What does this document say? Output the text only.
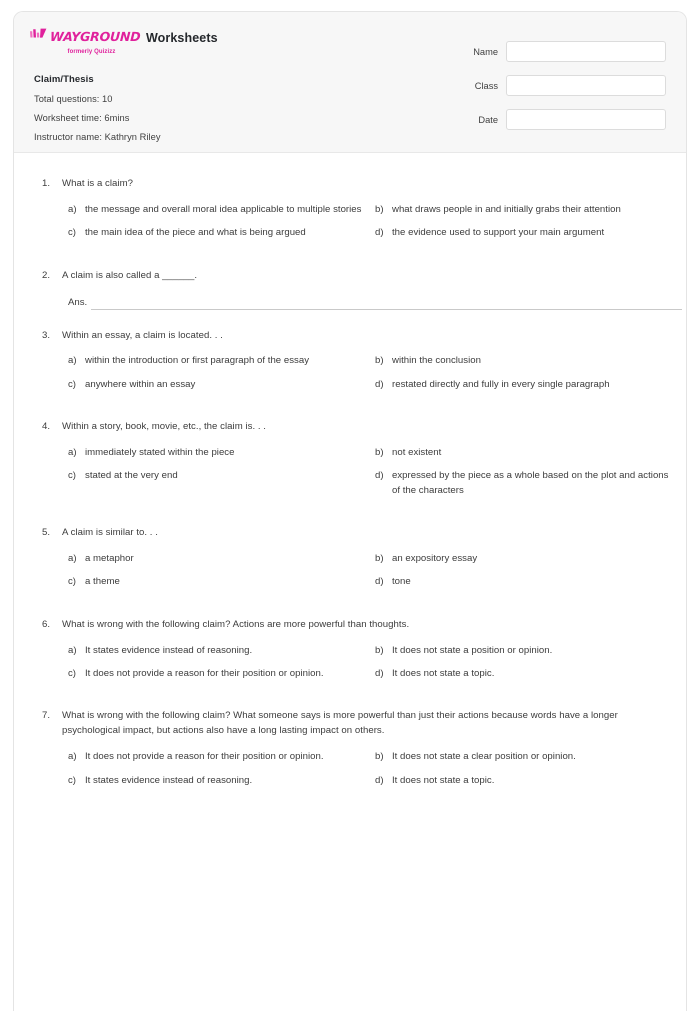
WAYGROUND
formerly Quizizz
Worksheets
Claim/Thesis
Total questions: 10
Worksheet time: 6mins
Instructor name: Kathryn Riley
Name
Class
Date
1.	What is a claim?
a) the message and overall moral idea applicable to multiple stories b) what draws people in and initially grabs their attention
c) the main idea of the piece and what is being argued	d) the evidence used to support your main argument
2.	A claim is also called a ______.
Ans.
3.	Within an essay, a claim is located. . .
a) within the introduction or first paragraph of the essay	b) within the conclusion
c) anywhere within an essay	d) restated directly and fully in every single paragraph
4.	Within a story, book, movie, etc., the claim is. . .
a) immediately stated within the piece	b) not existent
c) stated at the very end	d) expressed by the piece as a whole based on the plot and actions of the characters
5.	A claim is similar to. . .
a) a metaphor	b) an expository essay
c) a theme	d) tone
6.	What is wrong with the following claim? Actions are more powerful than thoughts.
a) It states evidence instead of reasoning.	b) It does not state a position or opinion.
c) It does not provide a reason for their position or opinion.	d) It does not state a topic.
7.	What is wrong with the following claim? What someone says is more powerful than just their actions because words have a longer psychological impact, but actions also have a long lasting impact on others.
a) It does not provide a reason for their position or opinion.	b) It does not state a clear position or opinion.
c) It states evidence instead of reasoning.	d) It does not state a topic.
